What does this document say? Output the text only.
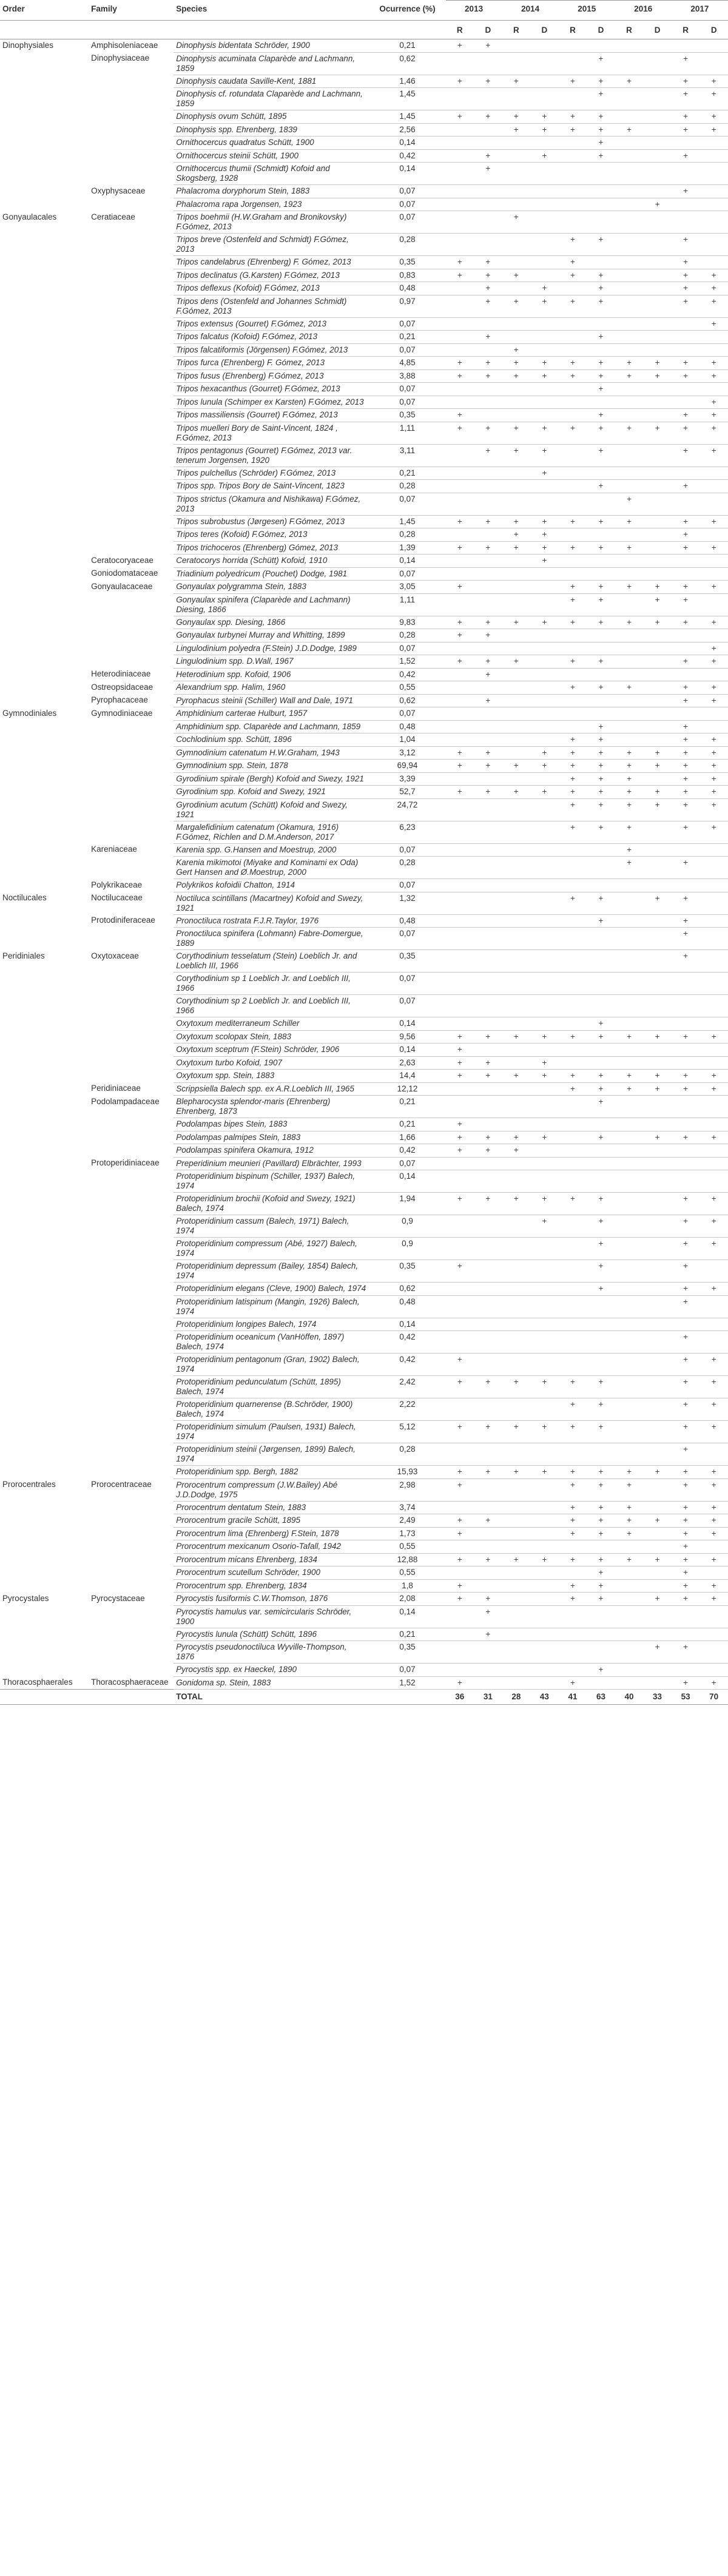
Order	Family	Species	Ocurrence (%)	2013		2014		2015		2016		2017	
				R	D	R	D	R	D	R	D	R	D
Dinophysiales	Amphisoleniaceae	Dinophysis bidentata Schröder, 1900	0,21	+	+								
	Dinophysiaceae	Dinophysis acuminata Claparède and Lachmann, 1859	0,62						+			+	
		Dinophysis caudata Saville-Kent, 1881	1,46	+	+	+		+	+	+		+	+
		Dinophysis cf. rotundata Claparède and Lachmann, 1859	1,45						+			+	+
		Dinophysis ovum Schütt, 1895	1,45	+	+	+	+	+	+			+	+
		Dinophysis spp. Ehrenberg, 1839	2,56			+	+	+	+	+		+	+
		Ornithocercus quadratus Schütt, 1900	0,14						+				
		Ornithocercus steinii Schütt, 1900	0,42		+		+		+			+	
		Ornithocercus thumii (Schmidt) Kofoid and Skogsberg, 1928	0,14		+								
	Oxyphysaceae	Phalacroma doryphorum Stein, 1883	0,07									+	
		Phalacroma rapa Jorgensen, 1923	0,07								+		
Gonyaulacales	Ceratiaceae	Tripos boehmii (H.W.Graham and Bronikovsky) F.Gómez, 2013	0,07			+							
		Tripos breve (Ostenfeld and Schmidt) F.Gómez, 2013	0,28					+	+			+	
		Tripos candelabrus (Ehrenberg) F. Gómez, 2013	0,35	+	+			+				+	
		Tripos declinatus (G.Karsten) F.Gómez, 2013	0,83	+	+	+		+	+			+	+
		Tripos deflexus (Kofoid) F.Gómez, 2013	0,48		+		+		+			+	+
		Tripos dens (Ostenfeld and Johannes Schmidt) F.Gómez, 2013	0,97		+	+	+	+	+			+	+
		Tripos extensus (Gourret) F.Gómez, 2013	0,07										+
		Tripos falcatus (Kofoid) F.Gómez, 2013	0,21		+				+				
		Tripos falcatiformis (Jörgensen) F.Gómez, 2013	0,07			+							
		Tripos furca (Ehrenberg) F. Gómez, 2013	4,85	+	+	+	+	+	+	+	+	+	+
		Tripos fusus (Ehrenberg) F.Gómez, 2013	3,88	+	+	+	+	+	+	+	+	+	+
		Tripos hexacanthus (Gourret) F.Gómez, 2013	0,07						+				
		Tripos lunula (Schimper ex Karsten) F.Gómez, 2013	0,07										+
		Tripos massiliensis (Gourret) F.Gómez, 2013	0,35	+					+			+	+
		Tripos muelleri Bory de Saint-Vincent, 1824 , F.Gómez, 2013	1,11	+	+	+	+	+	+	+	+	+	+
		Tripos pentagonus (Gourret) F.Gómez, 2013 var. tenerum Jorgensen, 1920	3,11		+	+	+		+			+	+
		Tripos pulchellus (Schröder) F.Gómez, 2013	0,21				+						
		Tripos spp. Tripos Bory de Saint-Vincent, 1823	0,28						+			+	
		Tripos strictus (Okamura and Nishikawa) F.Gómez, 2013	0,07							+			
		Tripos subrobustus (Jørgesen) F.Gómez, 2013	1,45	+	+	+	+	+	+	+		+	+
		Tripos teres (Kofoid) F.Gómez, 2013	0,28			+	+					+	
		Tripos trichoceros (Ehrenberg) Gómez, 2013	1,39	+	+	+	+	+	+	+		+	+
	Ceratocoryaceae	Ceratocorys horrida (Schütt) Kofoid, 1910	0,14				+						
	Goniodomataceae	Triadinium polyedricum (Pouchet) Dodge, 1981	0,07										
	Gonyaulacaceae	Gonyaulax polygramma Stein, 1883	3,05	+				+	+	+	+	+	+
		Gonyaulax spinifera (Claparède and Lachmann) Diesing, 1866	1,11					+	+		+	+	
		Gonyaulax spp. Diesing, 1866	9,83	+	+	+	+	+	+	+	+	+	+
		Gonyaulax turbynei Murray and Whitting, 1899	0,28	+	+								
		Lingulodinium polyedra (F.Stein) J.D.Dodge, 1989	0,07										+
		Lingulodinium spp. D.Wall, 1967	1,52	+	+	+		+	+			+	+
	Heterodiniaceae	Heterodinium spp. Kofoid, 1906	0,42		+								
	Ostreopsidaceae	Alexandrium spp. Halim, 1960	0,55					+	+	+		+	+
	Pyrophacaceae	Pyrophacus steinii (Schiller) Wall and Dale, 1971	0,62		+							+	+
Gymnodiniales	Gymnodiniaceae	Amphidinium carterae Hulburt, 1957	0,07										
		Amphidinium spp. Claparède and Lachmann, 1859	0,48						+			+	
		Cochlodinium spp. Schütt, 1896	1,04					+	+			+	+
		Gymnodinium catenatum H.W.Graham, 1943	3,12	+	+		+	+	+	+	+	+	+
		Gymnodinium spp. Stein, 1878	69,94	+	+	+	+	+	+	+	+	+	+
		Gyrodinium spirale (Bergh) Kofoid and Swezy, 1921	3,39					+	+	+		+	+
		Gyrodinium spp. Kofoid and Swezy, 1921	52,7	+	+	+	+	+	+	+	+	+	+
		Gyrodinium acutum (Schütt) Kofoid and Swezy, 1921	24,72					+	+	+	+	+	+
		Margalefidinium catenatum (Okamura, 1916) F.Gómez, Richlen and D.M.Anderson, 2017	6,23					+	+	+		+	+
	Kareniaceae	Karenia spp. G.Hansen and Moestrup, 2000	0,07							+			
		Karenia mikimotoi (Miyake and Kominami ex Oda) Gert Hansen and Ø.Moestrup, 2000	0,28							+		+	
	Polykrikaceae	Polykrikos kofoidii Chatton, 1914	0,07										
Noctilucales	Noctilucaceae	Noctiluca scintillans (Macartney) Kofoid and Swezy, 1921	1,32					+	+		+	+	
	Protodiniferaceae	Pronoctiluca rostrata F.J.R.Taylor, 1976	0,48						+			+	
		Pronoctiluca spinifera (Lohmann) Fabre-Domergue, 1889	0,07									+	
Peridiniales	Oxytoxaceae	Corythodinium tesselatum (Stein) Loeblich Jr. and Loeblich III, 1966	0,35									+	
		Corythodinium sp 1 Loeblich Jr. and Loeblich III, 1966	0,07										
		Corythodinium sp 2 Loeblich Jr. and Loeblich III, 1966	0,07										
		Oxytoxum mediterraneum Schiller	0,14						+				
		Oxytoxum scolopax Stein, 1883	9,56	+	+	+	+	+	+	+	+	+	+
		Oxytoxum sceptrum (F.Stein) Schröder, 1906	0,14	+									
		Oxytoxum turbo Kofoid, 1907	2,63	+	+		+						
		Oxytoxum spp. Stein, 1883	14,4	+	+	+	+	+	+	+	+	+	+
	Peridiniaceae	Scrippsiella Balech spp. ex A.R.Loeblich III, 1965	12,12					+	+	+	+	+	+
	Podolampadaceae	Blepharocysta splendor-maris (Ehrenberg) Ehrenberg, 1873	0,21						+				
		Podolampas bipes Stein, 1883	0,21	+									
		Podolampas palmipes Stein, 1883	1,66	+	+	+	+		+		+	+	+
		Podolampas spinifera Okamura, 1912	0,42	+	+	+							
	Protoperidiniaceae	Preperidinium meunieri (Pavillard) Elbrächter, 1993	0,07										
		Protoperidinium bispinum (Schiller, 1937) Balech, 1974	0,14										
		Protoperidinium brochii (Kofoid and Swezy, 1921) Balech, 1974	1,94	+	+	+	+	+	+			+	+
		Protoperidinium cassum (Balech, 1971) Balech, 1974	0,9				+		+			+	+
		Protoperidinium compressum (Abé, 1927) Balech, 1974	0,9						+			+	+
		Protoperidinium depressum (Bailey, 1854) Balech, 1974	0,35	+					+			+	
		Protoperidinium elegans (Cleve, 1900) Balech, 1974	0,62						+			+	+
		Protoperidinium latispinum (Mangin, 1926) Balech, 1974	0,48									+	
		Protoperidinium longipes Balech, 1974	0,14										
		Protoperidinium oceanicum (VanHöffen, 1897) Balech, 1974	0,42									+	
		Protoperidinium pentagonum (Gran, 1902) Balech, 1974	0,42	+								+	+
		Protoperidinium pedunculatum (Schütt, 1895) Balech, 1974	2,42	+	+	+	+	+	+			+	+
		Protoperidinium quarnerense (B.Schröder, 1900) Balech, 1974	2,22					+	+			+	+
		Protoperidinium simulum (Paulsen, 1931) Balech, 1974	5,12	+	+	+	+	+	+			+	+
		Protoperidinium steinii (Jørgensen, 1899) Balech, 1974	0,28									+	
		Protoperidinium spp. Bergh, 1882	15,93	+	+	+	+	+	+	+	+	+	+
Prorocentrales	Prorocentraceae	Prorocentrum compressum (J.W.Bailey) Abé J.D.Dodge, 1975	2,98	+				+	+	+		+	+
		Prorocentrum dentatum Stein, 1883	3,74					+	+	+		+	+
		Prorocentrum gracile Schütt, 1895	2,49	+	+			+	+	+	+	+	+
		Prorocentrum lima (Ehrenberg) F.Stein, 1878	1,73	+				+	+	+		+	+
		Prorocentrum mexicanum Osorio-Tafall, 1942	0,55									+	
		Prorocentrum micans Ehrenberg, 1834	12,88	+	+	+	+	+	+	+	+	+	+
		Prorocentrum scutellum Schröder, 1900	0,55						+			+	
		Prorocentrum spp. Ehrenberg, 1834	1,8	+				+	+			+	+
Pyrocystales	Pyrocystaceae	Pyrocystis fusiformis C.W.Thomson, 1876	2,08	+	+			+	+		+	+	+
		Pyrocystis hamulus var. semicircularis Schröder, 1900	0,14		+								
		Pyrocystis lunula (Schütt) Schütt, 1896	0,21		+								
		Pyrocystis pseudonoctiluca Wyville-Thompson, 1876	0,35								+	+	
		Pyrocystis spp. ex Haeckel, 1890	0,07						+				
Thoracosphaerales	Thoracosphaeraceae	Gonidoma sp. Stein, 1883	1,52	+				+				+	+
		TOTAL		36	31	28	43	41	63	40	33	53	70
